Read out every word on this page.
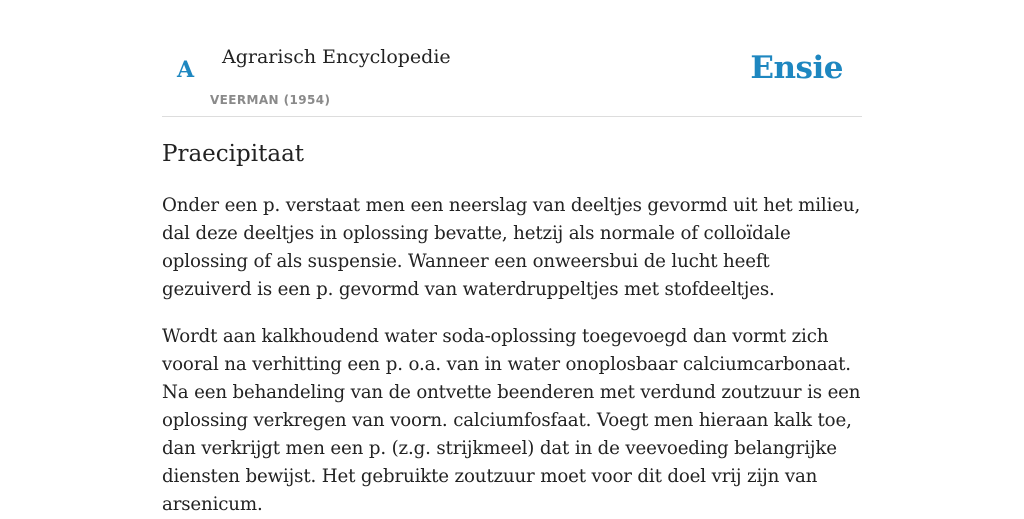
A Agrarisch Encyclopedie
VEERMAN (1954)
Ensie
Praecipitaat

Onder een p. verstaat men een neerslag van deeltjes gevormd uit het milieu, dal deze deeltjes in oplossing bevatte, hetzij als normale of colloïdale oplossing of als suspensie. Wanneer een onweersbui de lucht heeft gezuiverd is een p. gevormd van waterdruppeltjes met stofdeeltjes.

Wordt aan kalkhoudend water soda-oplossing toegevoegd dan vormt zich vooral na verhitting een p. o.a. van in water onoplosbaar calciumcarbonaat. Na een behandeling van de ontvette beenderen met verdund zoutzuur is een oplossing verkregen van voorn. calciumfosfaat. Voegt men hieraan kalk toe, dan verkrijgt men een p. (z.g. strijkmeel) dat in de veevoeding belangrijke diensten bewijst. Het gebruikte zoutzuur moet voor dit doel vrij zijn van arsenicum.
